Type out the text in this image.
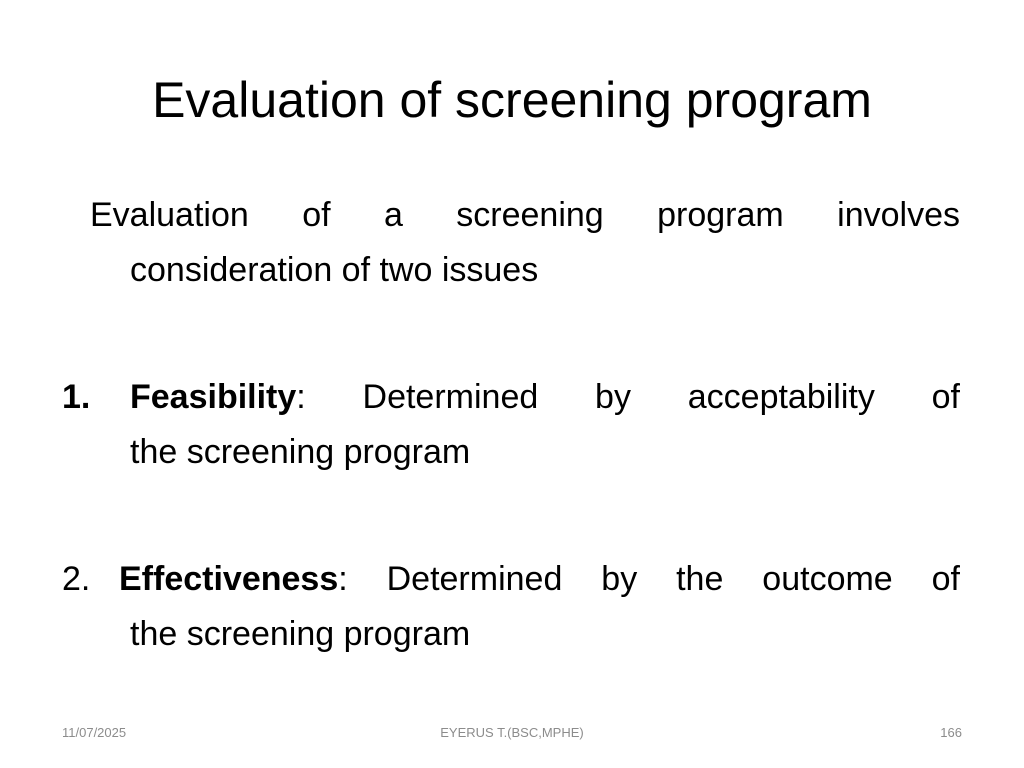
Evaluation of screening program
Evaluation of a screening program involves
consideration of two issues
1.	Feasibility: Determined by acceptability of
the screening program
2. Effectiveness: Determined by the outcome of
the screening program
11/07/2025	EYERUS T.(BSC,MPHE)	166
